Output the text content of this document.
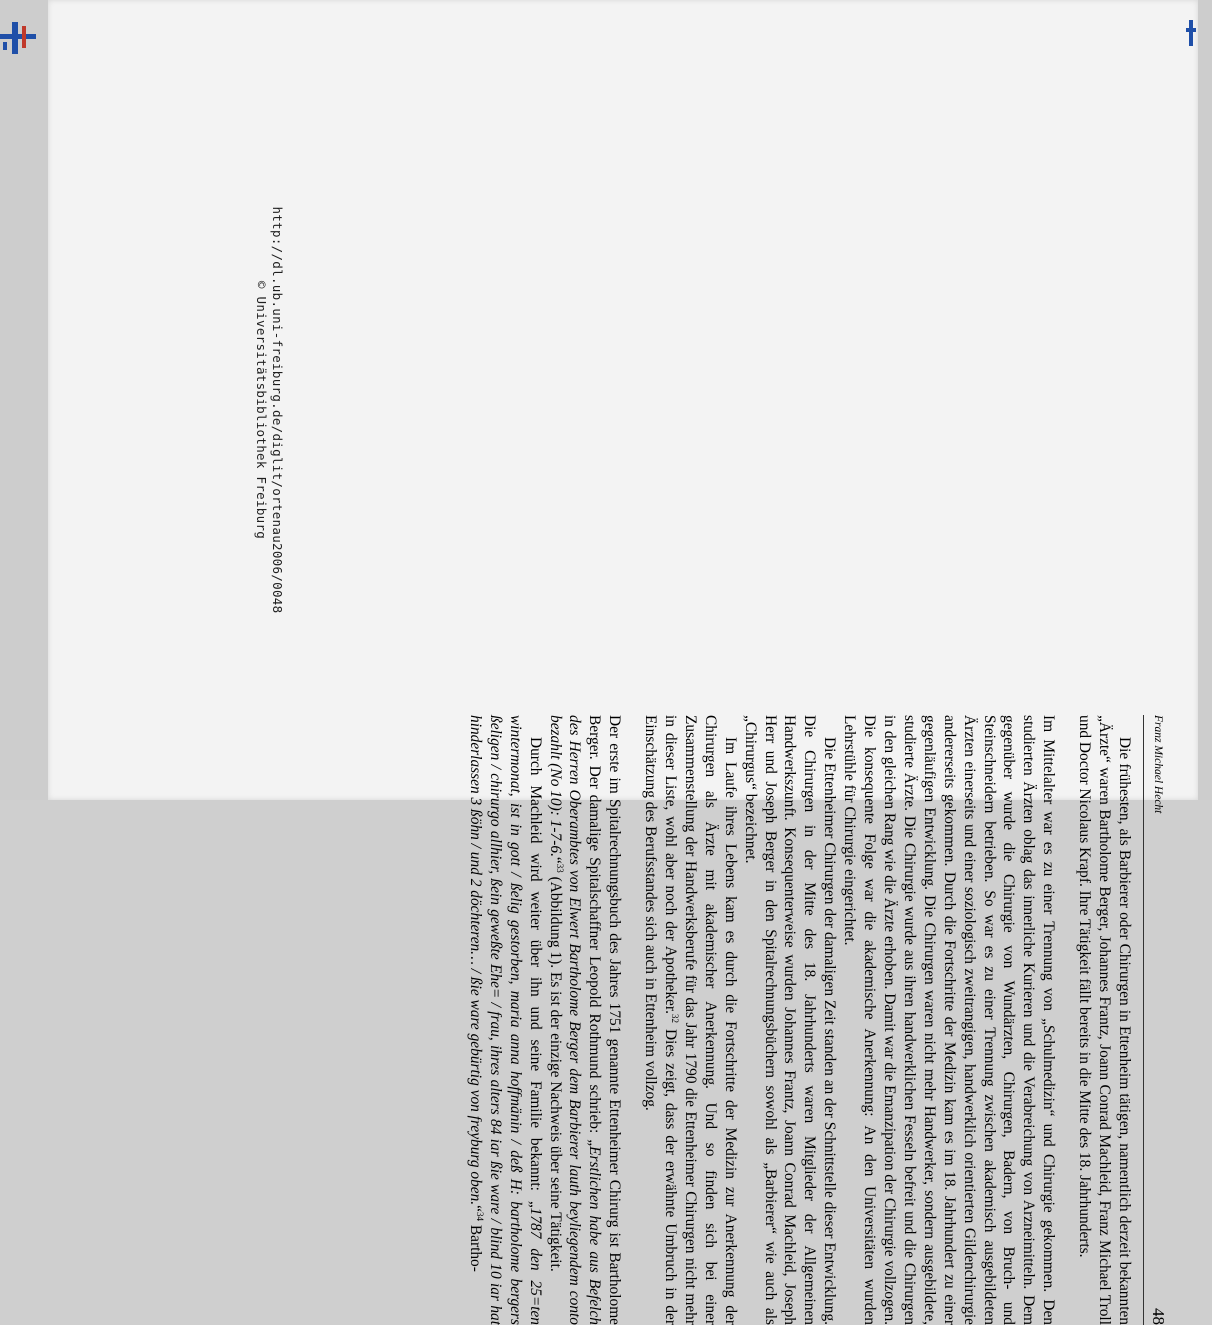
Franz Michael Hecht
48

Die frühesten, als Barbierer oder Chirurgen in Ettenheim tätigen, namentlich derzeit bekannten „Ärzte“ waren Bartholome Berger, Johannes Frantz, Joann Conrad Machleid, Franz Michael Troll und Doctor Nicolaus Krapf. Ihre Tätigkeit fällt bereits in die Mitte des 18. Jahrhunderts.

Im Mittelalter war es zu einer Trennung von „Schulmedizin“ und Chirurgie gekommen. Den studierten Ärzten oblag das innerliche Kurieren und die Verabreichung von Arzneimitteln. Dem gegenüber wurde die Chirurgie von Wundärzten, Chirurgen, Badern, von Bruch- und Steinschneidern betrieben. So war es zu einer Trennung zwischen akademisch ausgebildeten Ärzten einerseits und einer soziologisch zweitrangigen, handwerklich orientierten Gildenchirurgie andererseits gekommen. Durch die Fortschritte der Medizin kam es im 18. Jahrhundert zu einer gegenläufigen Entwicklung. Die Chirurgen waren nicht mehr Handwerker, sondern ausgebildete, studierte Ärzte. Die Chirurgie wurde aus ihren handwerklichen Fesseln befreit und die Chirurgen in den gleichen Rang wie die Ärzte erhoben. Damit war die Emanzipation der Chirurgie vollzogen. Die konsequente Folge war die akademische Anerkennung: An den Universitäten wurden Lehrstühle für Chirurgie eingerichtet.

Die Ettenheimer Chirurgen der damaligen Zeit standen an der Schnittstelle dieser Entwicklung. Die Chirurgen in der Mitte des 18. Jahrhunderts waren Mitglieder der Allgemeinen Handwerkszunft. Konsequenterweise wurden Johannes Frantz, Joann Conrad Machleid, Joseph Herr und Joseph Berger in den Spitalrechnungsbüchern sowohl als „Barbierer“ wie auch als „Chirurgus“ bezeichnet.

Im Laufe ihres Lebens kam es durch die Fortschritte der Medizin zur Anerkennung der Chirurgen als Ärzte mit akademischer Anerkennung. Und so finden sich bei einer Zusammenstellung der Handwerksberufe für das Jahr 1790 die Ettenheimer Chirurgen nicht mehr in dieser Liste, wohl aber noch der Apotheker.$^{32}$ Dies zeigt, dass der erwähnte Umbruch in der Einschätzung des Berufsstandes sich auch in Ettenheim vollzog.

Der erste im Spitalrechnungsbuch des Jahres 1751 genannte Ettenheimer Chirurg ist Bartholome Berger. Der damalige Spitalschaffner Leopold Rothmund schrieb: „Erstlichen habe aus Befelch des Herren Oberambtes von Elwert Bartholome Berger dem Barbierer lauth beyliegendem conto bezahlt (No 10): 1-7-6.“$^{33}$ (Abbildung 1). Es ist der einzige Nachweis über seine Tätigkeit.

Durch Machleid wird weiter über ihn und seine Familie bekannt: „1787 den 25=ten wintermonat, ist in gott / ßelig gestorben, maria anna hoffmänin / deß H: bartholome bergers ßeligen / chirurgo allhier, ßein geweßte Ehe= / frau, ihres alters 84 iar ßie ware / blind 10 iar hat hinderlassen 3 ßöhn / und 2 döchteren… / ßie ware gebürtig von freyburg oben.“$^{34}$ Bartho-

http://dl.ub.uni-freiburg.de/diglit/ortenau2006/0048
© Universitätsbibliothek Freiburg
